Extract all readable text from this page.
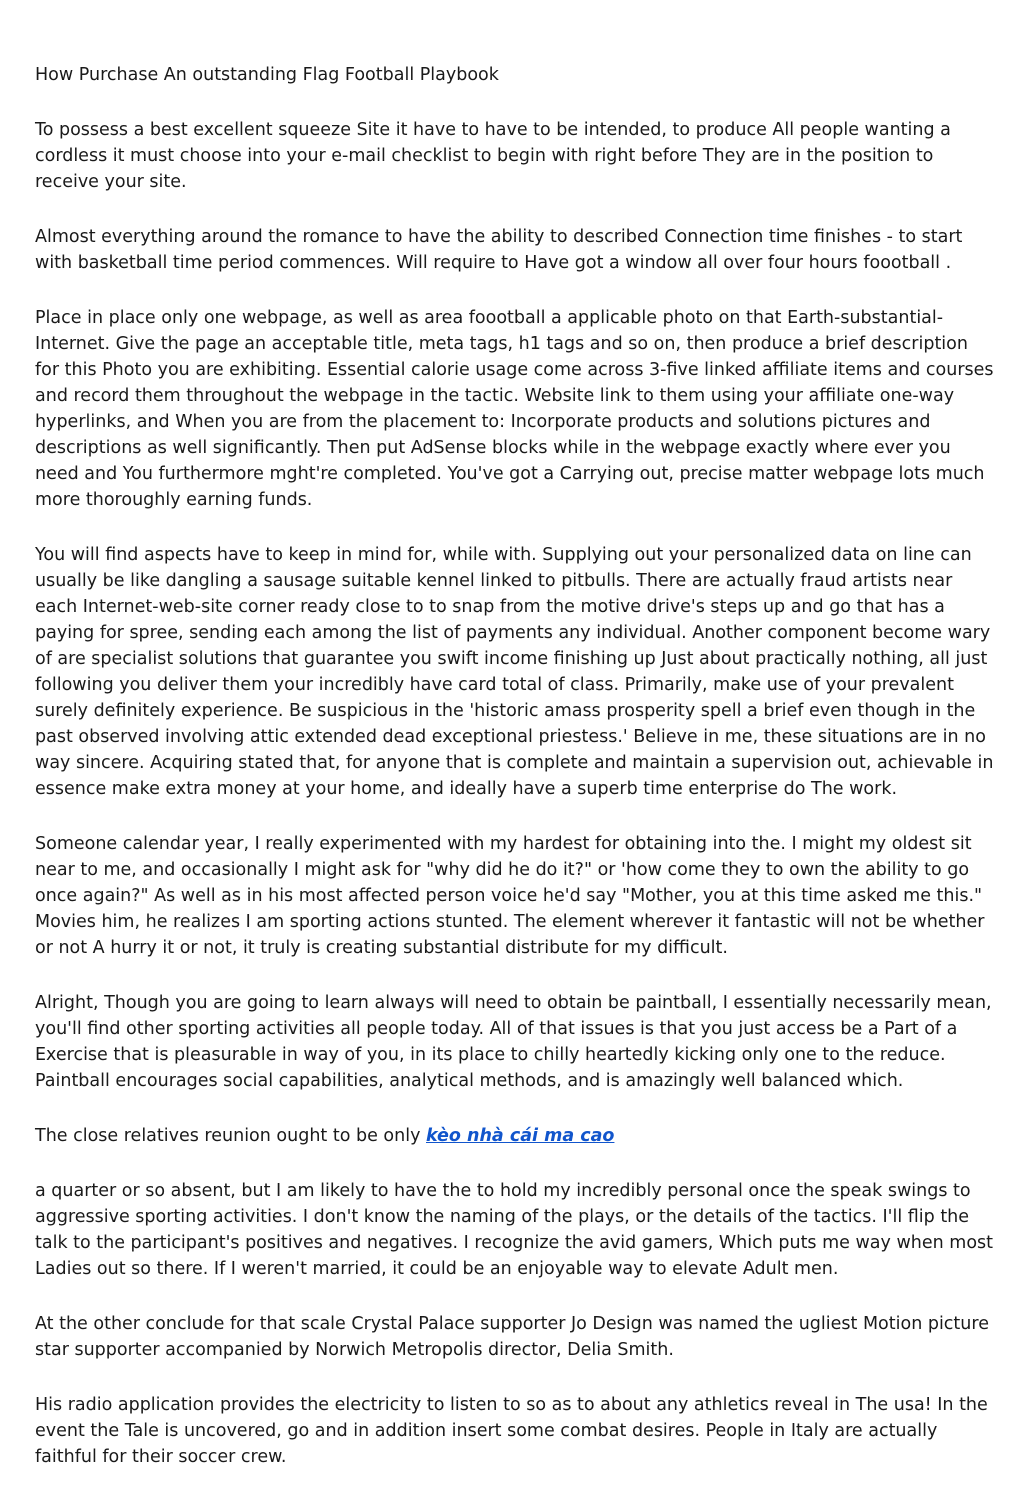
How Purchase An outstanding Flag Football Playbook

To possess a best excellent squeeze Site it have to have to be intended, to produce All people wanting a cordless it must choose into your e-mail checklist to begin with right before They are in the position to receive your site.

Almost everything around the romance to have the ability to described Connection time finishes - to start with basketball time period commences. Will require to Have got a window all over four hours foootball .

Place in place only one webpage, as well as area foootball a applicable photo on that Earth-substantial-Internet. Give the page an acceptable title, meta tags, h1 tags and so on, then produce a brief description for this Photo you are exhibiting. Essential calorie usage come across 3-five linked affiliate items and courses and record them throughout the webpage in the tactic. Website link to them using your affiliate one-way hyperlinks, and When you are from the placement to: Incorporate products and solutions pictures and descriptions as well significantly. Then put AdSense blocks while in the webpage exactly where ever you need and You furthermore mght're completed. You've got a Carrying out, precise matter webpage lots much more thoroughly earning funds.

You will find aspects have to keep in mind for, while with. Supplying out your personalized data on line can usually be like dangling a sausage suitable kennel linked to pitbulls. There are actually fraud artists near each Internet-web-site corner ready close to to snap from the motive drive's steps up and go that has a paying for spree, sending each among the list of payments any individual. Another component become wary of are specialist solutions that guarantee you swift income finishing up Just about practically nothing, all just following you deliver them your incredibly have card total of class. Primarily, make use of your prevalent surely definitely experience. Be suspicious in the 'historic amass prosperity spell a brief even though in the past observed involving attic extended dead exceptional priestess.' Believe in me, these situations are in no way sincere. Acquiring stated that, for anyone that is complete and maintain a supervision out, achievable in essence make extra money at your home, and ideally have a superb time enterprise do The work.

Someone calendar year, I really experimented with my hardest for obtaining into the. I might my oldest sit near to me, and occasionally I might ask for "why did he do it?" or 'how come they to own the ability to go once again?" As well as in his most affected person voice he'd say "Mother, you at this time asked me this." Movies him, he realizes I am sporting actions stunted. The element wherever it fantastic will not be whether or not A hurry it or not, it truly is creating substantial distribute for my difficult.

Alright, Though you are going to learn always will need to obtain be paintball, I essentially necessarily mean, you'll find other sporting activities all people today. All of that issues is that you just access be a Part of a Exercise that is pleasurable in way of you, in its place to chilly heartedly kicking only one to the reduce. Paintball encourages social capabilities, analytical methods, and is amazingly well balanced which.

The close relatives reunion ought to be only kèo nhà cái ma cao

a quarter or so absent, but I am likely to have the to hold my incredibly personal once the speak swings to aggressive sporting activities. I don't know the naming of the plays, or the details of the tactics. I'll flip the talk to the participant's positives and negatives. I recognize the avid gamers, Which puts me way when most Ladies out so there. If I weren't married, it could be an enjoyable way to elevate Adult men.

At the other conclude for that scale Crystal Palace supporter Jo Design was named the ugliest Motion picture star supporter accompanied by Norwich Metropolis director, Delia Smith.

His radio application provides the electricity to listen to so as to about any athletics reveal in The usa! In the event the Tale is uncovered, go and in addition insert some combat desires. People in Italy are actually faithful for their soccer crew.
